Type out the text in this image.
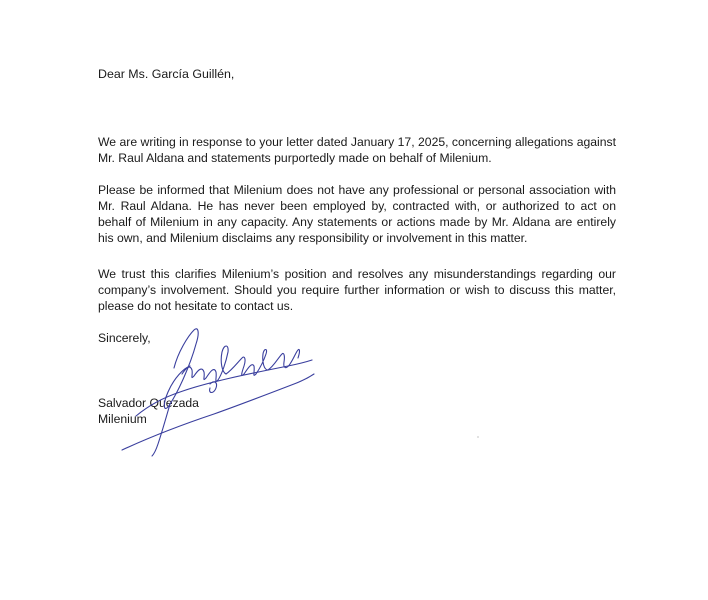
Dear Ms. García Guillén,

We are writing in response to your letter dated January 17, 2025, concerning allegations against Mr. Raul Aldana and statements purportedly made on behalf of Milenium.

Please be informed that Milenium does not have any professional or personal association with Mr. Raul Aldana. He has never been employed by, contracted with, or authorized to act on behalf of Milenium in any capacity. Any statements or actions made by Mr. Aldana are entirely his own, and Milenium disclaims any responsibility or involvement in this matter.

We trust this clarifies Milenium’s position and resolves any misunderstandings regarding our company’s involvement. Should you require further information or wish to discuss this matter, please do not hesitate to contact us.

Sincerely,
Salvador Quezada
Milenium
